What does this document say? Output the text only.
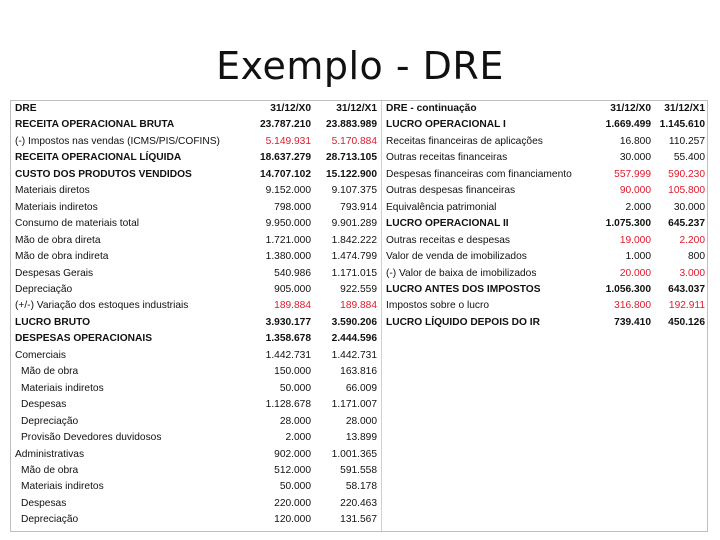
Exemplo - DRE
DRE	31/12/X0	31/12/X1
RECEITA OPERACIONAL BRUTA	23.787.210	23.883.989
(-) Impostos nas vendas (ICMS/PIS/COFINS)	5.149.931	5.170.884
RECEITA OPERACIONAL LÍQUIDA	18.637.279	28.713.105
CUSTO DOS PRODUTOS VENDIDOS	14.707.102	15.122.900
Materiais diretos	9.152.000	9.107.375
Materiais indiretos	798.000	793.914
Consumo de materiais total	9.950.000	9.901.289
Mão de obra direta	1.721.000	1.842.222
Mão de obra indireta	1.380.000	1.474.799
Despesas Gerais	540.986	1.171.015
Depreciação	905.000	922.559
(+/-) Variação dos estoques industriais	189.884	189.884
LUCRO BRUTO	3.930.177	3.590.206
DESPESAS OPERACIONAIS	1.358.678	2.444.596
Comerciais	1.442.731	1.442.731
Mão de obra	150.000	163.816
Materiais indiretos	50.000	66.009
Despesas	1.128.678	1.171.007
Depreciação	28.000	28.000
Provisão Devedores duvidosos	2.000	13.899
Administrativas	902.000	1.001.365
Mão de obra	512.000	591.558
Materiais indiretos	50.000	58.178
Despesas	220.000	220.463
Depreciação	120.000	131.567
DRE - continuação	31/12/X0	31/12/X1
LUCRO OPERACIONAL I	1.669.499	1.145.610
Receitas financeiras de aplicações	16.800	110.257
Outras receitas financeiras	30.000	55.400
Despesas financeiras com financiamento	557.999	590.230
Outras despesas financeiras	90.000	105.800
Equivalência patrimonial	2.000	30.000
LUCRO OPERACIONAL II	1.075.300	645.237
Outras receitas e despesas	19.000	2.200
Valor de venda de imobilizados	1.000	800
(-) Valor de baixa de imobilizados	20.000	3.000
LUCRO ANTES DOS IMPOSTOS	1.056.300	643.037
Impostos sobre o lucro	316.800	192.911
LUCRO LÍQUIDO DEPOIS DO IR	739.410	450.126
